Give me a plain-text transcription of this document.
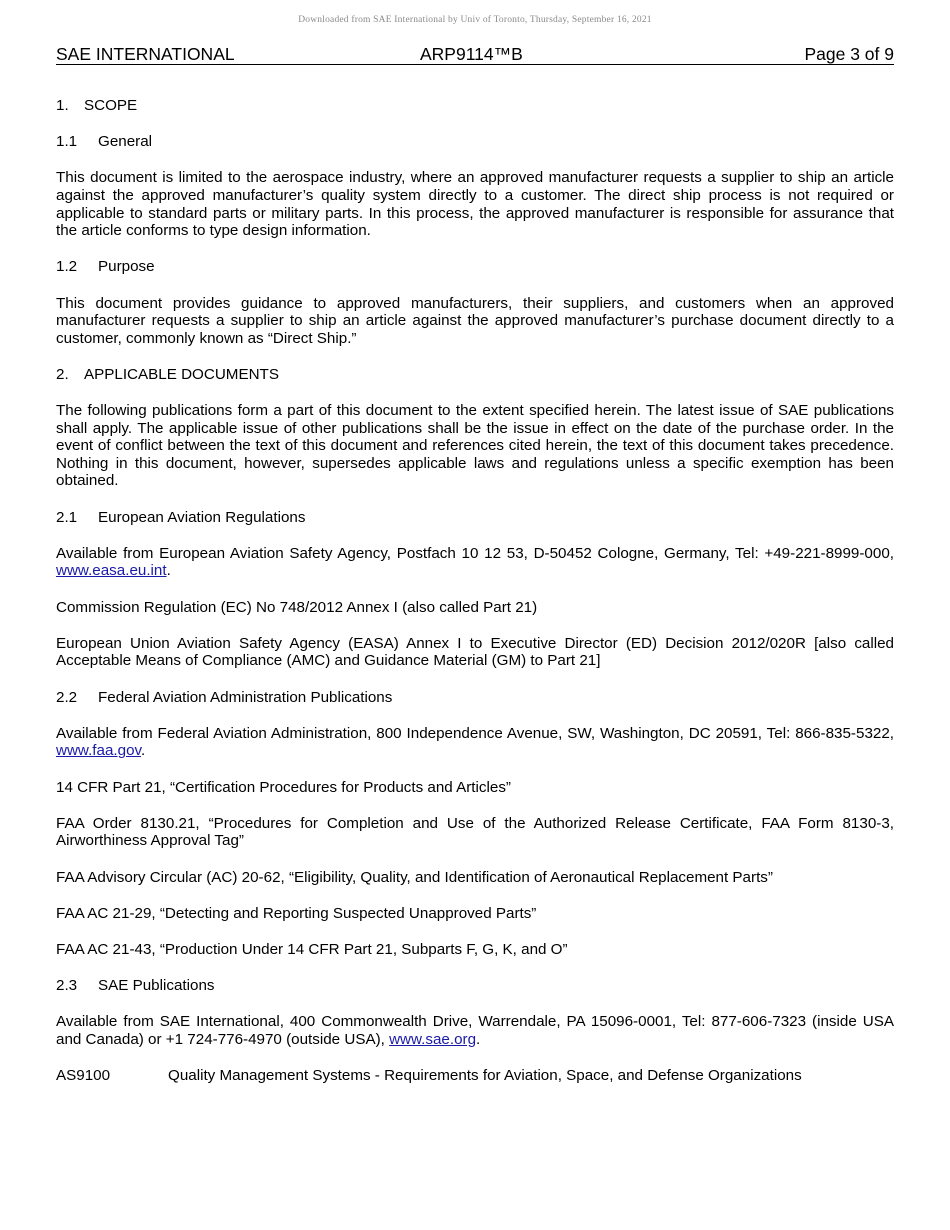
Downloaded from SAE International by Univ of Toronto, Thursday, September 16, 2021
SAE INTERNATIONAL	ARP9114™B	Page 3 of 9
1. SCOPE
1.1 General
This document is limited to the aerospace industry, where an approved manufacturer requests a supplier to ship an article against the approved manufacturer’s quality system directly to a customer. The direct ship process is not required or applicable to standard parts or military parts. In this process, the approved manufacturer is responsible for assurance that the article conforms to type design information.
1.2 Purpose
This document provides guidance to approved manufacturers, their suppliers, and customers when an approved manufacturer requests a supplier to ship an article against the approved manufacturer’s purchase document directly to a customer, commonly known as “Direct Ship.”
2. APPLICABLE DOCUMENTS
The following publications form a part of this document to the extent specified herein. The latest issue of SAE publications shall apply. The applicable issue of other publications shall be the issue in effect on the date of the purchase order. In the event of conflict between the text of this document and references cited herein, the text of this document takes precedence. Nothing in this document, however, supersedes applicable laws and regulations unless a specific exemption has been obtained.
2.1 European Aviation Regulations
Available from European Aviation Safety Agency, Postfach 10 12 53, D-50452 Cologne, Germany, Tel: +49-221-8999-000, www.easa.eu.int.
Commission Regulation (EC) No 748/2012 Annex I (also called Part 21)
European Union Aviation Safety Agency (EASA) Annex I to Executive Director (ED) Decision 2012/020R [also called Acceptable Means of Compliance (AMC) and Guidance Material (GM) to Part 21]
2.2 Federal Aviation Administration Publications
Available from Federal Aviation Administration, 800 Independence Avenue, SW, Washington, DC 20591, Tel: 866-835-5322, www.faa.gov.
14 CFR Part 21, “Certification Procedures for Products and Articles”
FAA Order 8130.21, “Procedures for Completion and Use of the Authorized Release Certificate, FAA Form 8130-3, Airworthiness Approval Tag”
FAA Advisory Circular (AC) 20-62, “Eligibility, Quality, and Identification of Aeronautical Replacement Parts”
FAA AC 21-29, “Detecting and Reporting Suspected Unapproved Parts”
FAA AC 21-43, “Production Under 14 CFR Part 21, Subparts F, G, K, and O”
2.3 SAE Publications
Available from SAE International, 400 Commonwealth Drive, Warrendale, PA 15096-0001, Tel: 877-606-7323 (inside USA and Canada) or +1 724-776-4970 (outside USA), www.sae.org.
AS9100	Quality Management Systems - Requirements for Aviation, Space, and Defense Organizations
